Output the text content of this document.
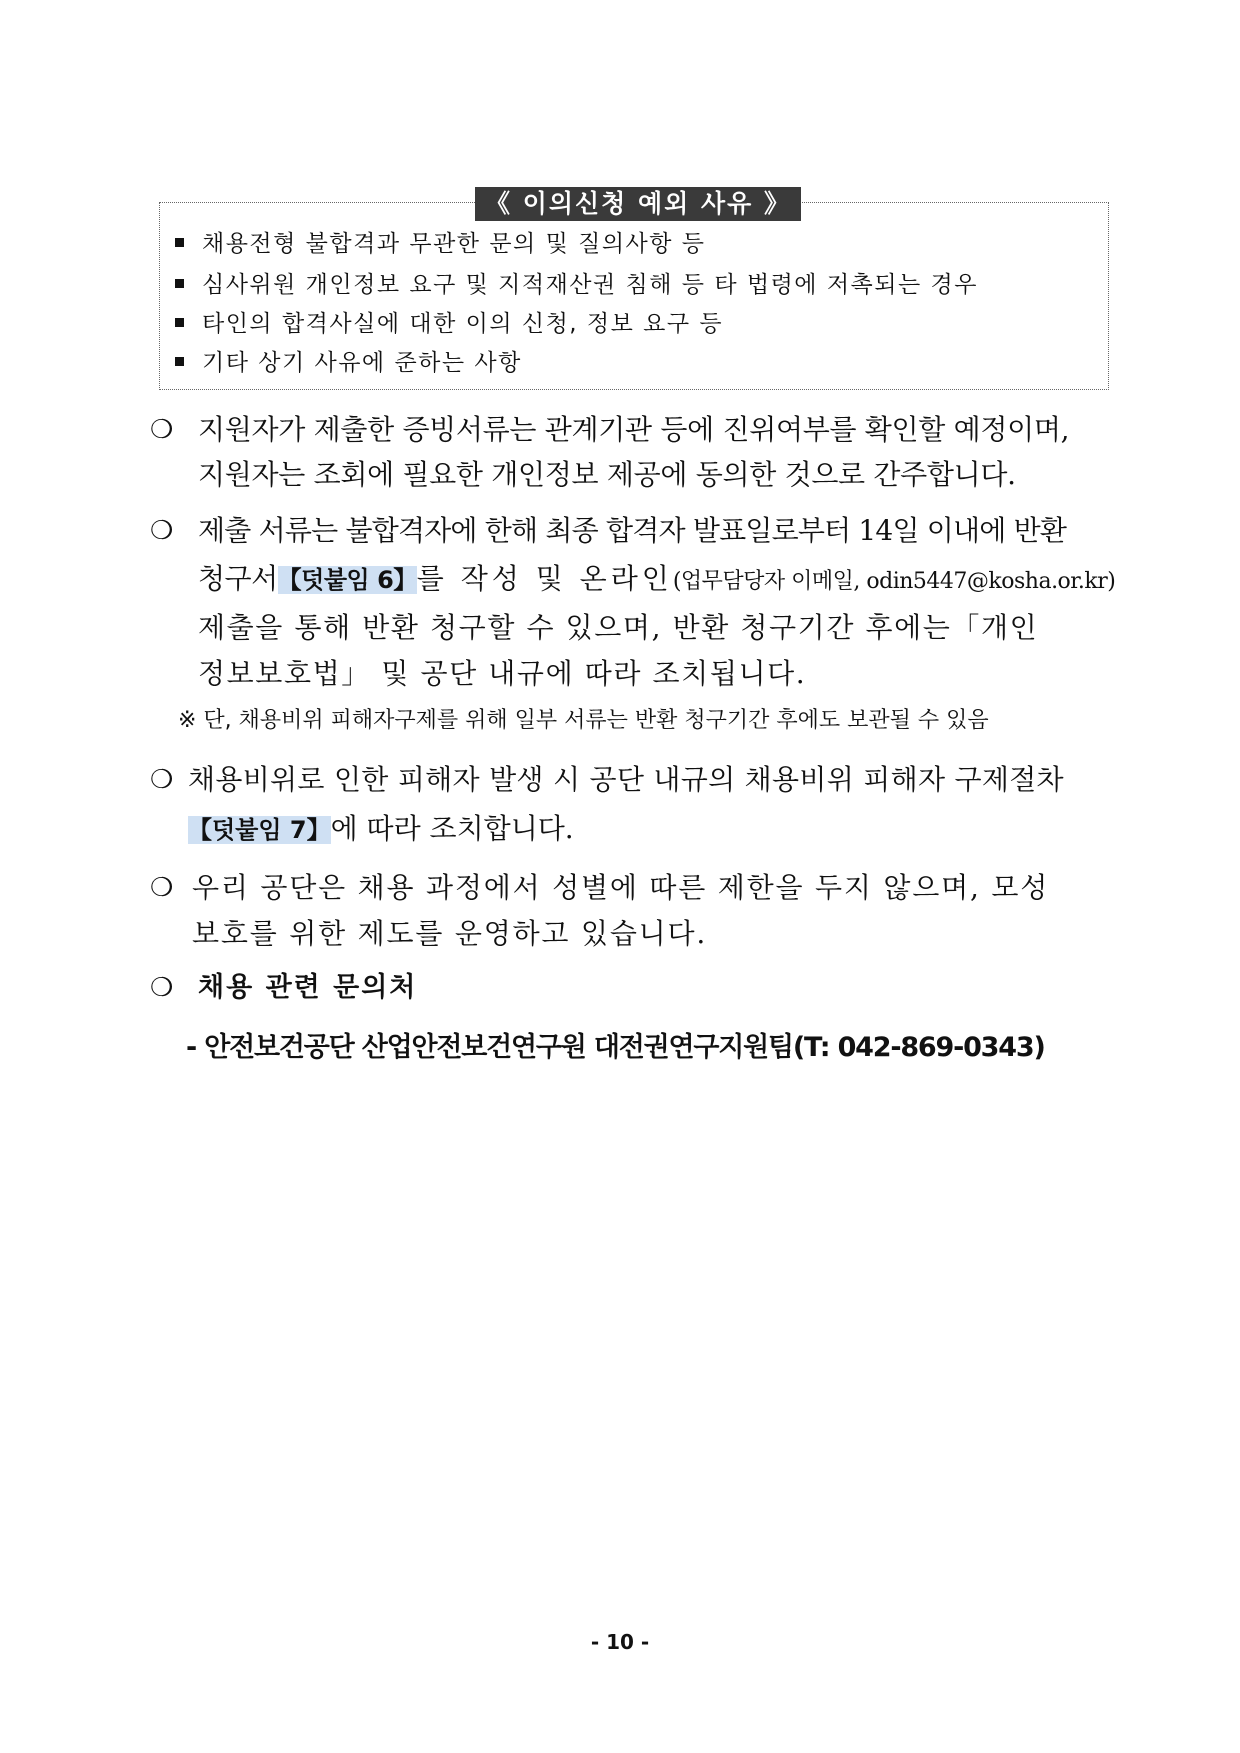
《 이의신청 예외 사유 》
채용전형 불합격과 무관한 문의 및 질의사항 등
심사위원 개인정보 요구 및 지적재산권 침해 등 타 법령에 저촉되는 경우
타인의 합격사실에 대한 이의 신청, 정보 요구 등
기타 상기 사유에 준하는 사항
❍ 지원자가 제출한 증빙서류는 관계기관 등에 진위여부를 확인할 예정이며,
지원자는 조회에 필요한 개인정보 제공에 동의한 것으로 간주합니다.
❍ 제출 서류는 불합격자에 한해 최종 합격자 발표일로부터 14일 이내에 반환
청구서【덧붙임 6】를 작성 및 온라인(업무담당자 이메일, odin5447@kosha.or.kr)
제출을 통해 반환 청구할 수 있으며, 반환 청구기간 후에는「개인
정보보호법」 및 공단 내규에 따라 조치됩니다.
※ 단, 채용비위 피해자구제를 위해 일부 서류는 반환 청구기간 후에도 보관될 수 있음
❍ 채용비위로 인한 피해자 발생 시 공단 내규의 채용비위 피해자 구제절차
【덧붙임 7】에 따라 조치합니다.
❍ 우리 공단은 채용 과정에서 성별에 따른 제한을 두지 않으며, 모성
보호를 위한 제도를 운영하고 있습니다.
❍ 채용 관련 문의처
- 안전보건공단 산업안전보건연구원 대전권연구지원팀(T: 042-869-0343)
- 10 -
